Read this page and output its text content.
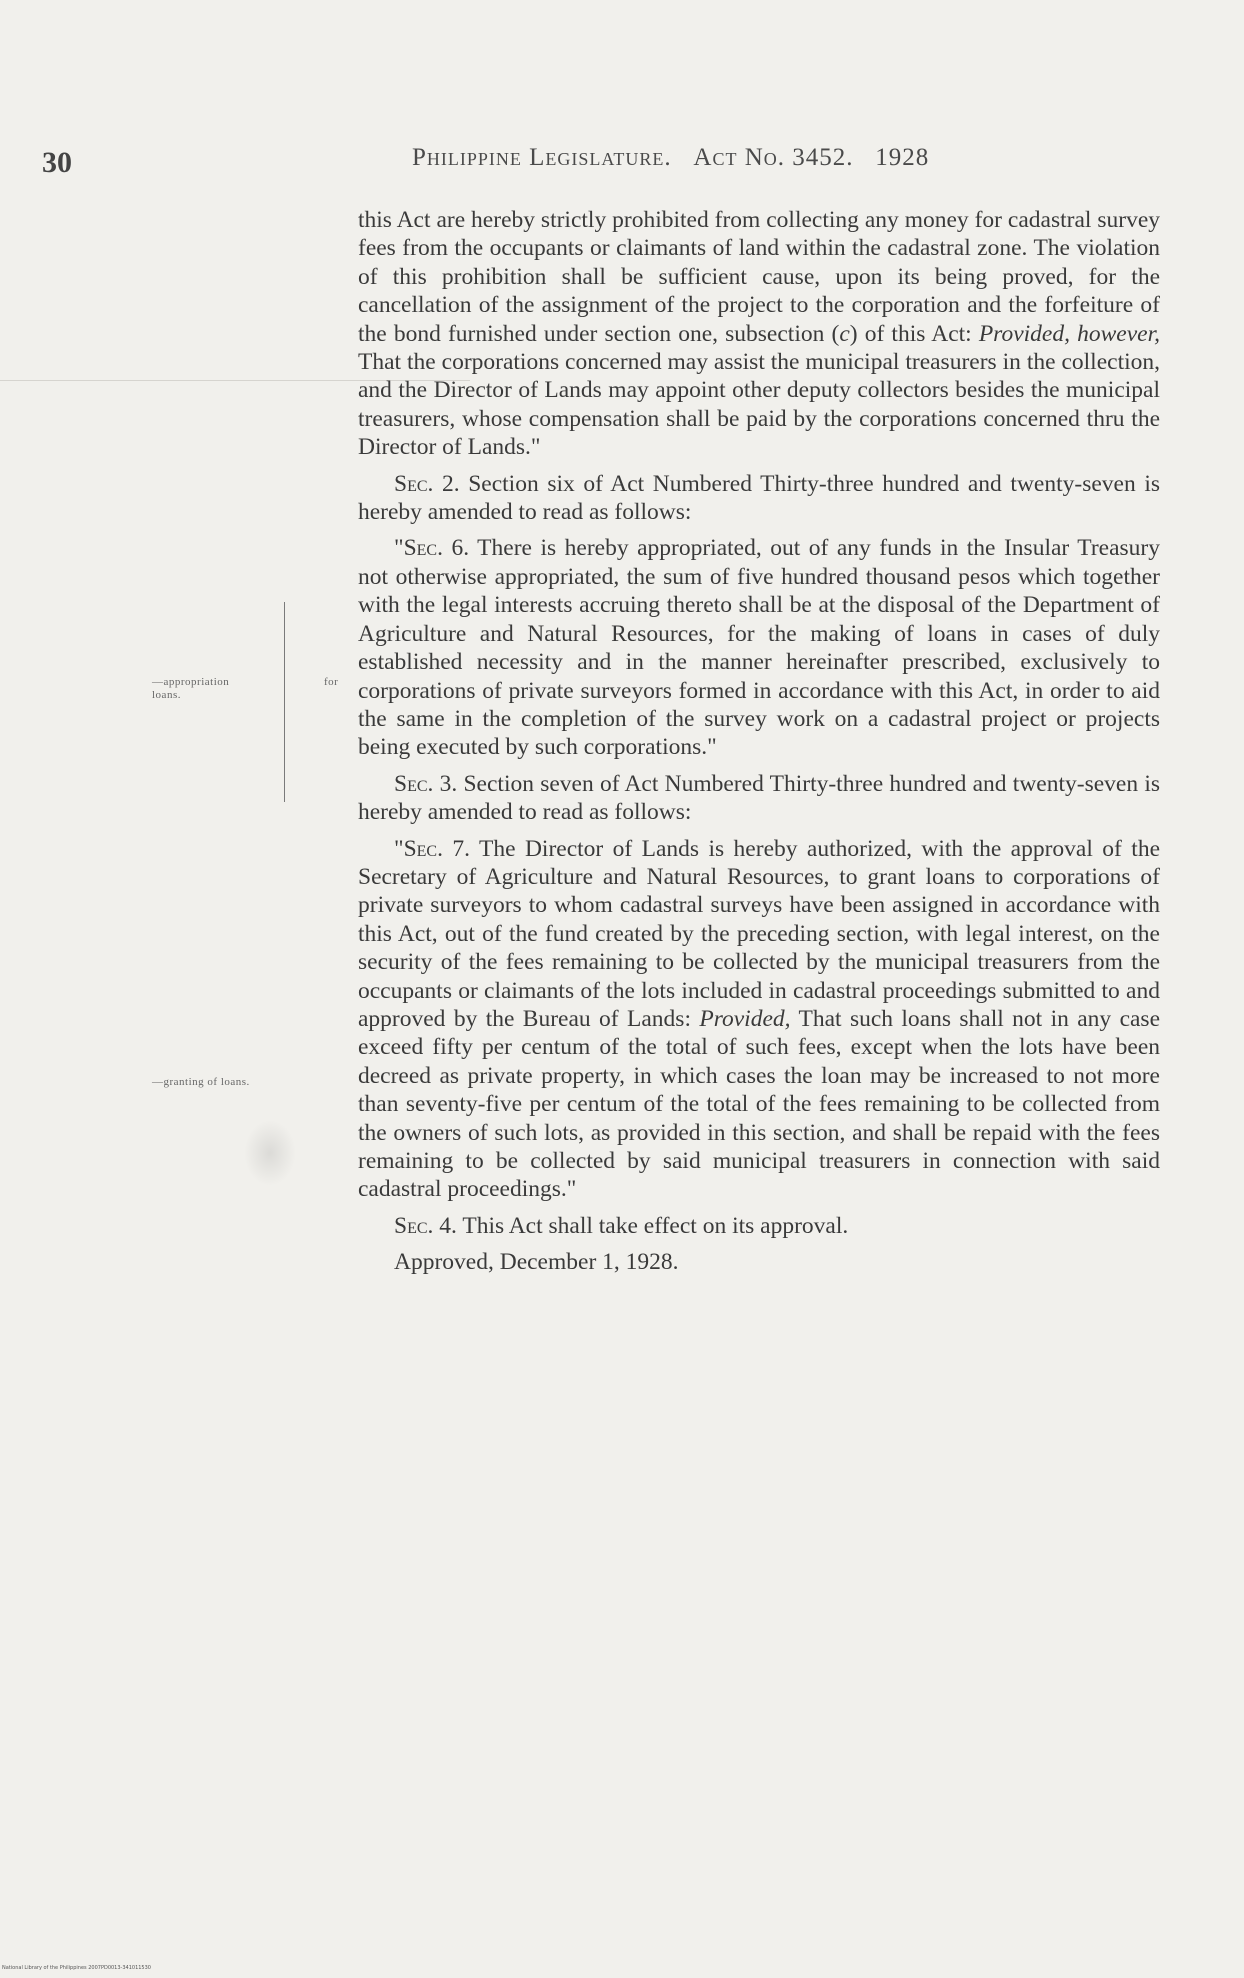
30	Philippine Legislature. Act No. 3452. 1928
—appropriation	for

loans.
—granting of loans.

this Act are hereby strictly prohibited from collecting any money for cadastral survey fees from the occupants or claimants of land within the cadastral zone. The violation of this prohibition shall be sufficient cause, upon its being proved, for the cancellation of the assignment of the project to the corporation and the forfeiture of the bond furnished under section one, subsection (c) of this Act: Provided, however, That the corporations concerned may assist the municipal treasurers in the collection, and the Director of Lands may appoint other deputy collectors besides the municipal treasurers, whose compensation shall be paid by the corporations concerned thru the Director of Lands."

Sec. 2. Section six of Act Numbered Thirty-three hundred and twenty-seven is hereby amended to read as follows:

"Sec. 6. There is hereby appropriated, out of any funds in the Insular Treasury not otherwise appropriated, the sum of five hundred thousand pesos which together with the legal interests accruing thereto shall be at the disposal of the Department of Agriculture and Natural Resources, for the making of loans in cases of duly established necessity and in the manner hereinafter prescribed, exclusively to corporations of private surveyors formed in accordance with this Act, in order to aid the same in the completion of the survey work on a cadastral project or projects being executed by such corporations."

Sec. 3. Section seven of Act Numbered Thirty-three hundred and twenty-seven is hereby amended to read as follows:

"Sec. 7. The Director of Lands is hereby authorized, with the approval of the Secretary of Agriculture and Natural Resources, to grant loans to corporations of private surveyors to whom cadastral surveys have been assigned in accordance with this Act, out of the fund created by the preceding section, with legal interest, on the security of the fees remaining to be collected by the municipal treasurers from the occupants or claimants of the lots included in cadastral proceedings submitted to and approved by the Bureau of Lands: Provided, That such loans shall not in any case exceed fifty per centum of the total of such fees, except when the lots have been decreed as private property, in which cases the loan may be increased to not more than seventy-five per centum of the total of the fees remaining to be collected from the owners of such lots, as provided in this section, and shall be repaid with the fees remaining to be collected by said municipal treasurers in connection with said cadastral proceedings."

Sec. 4. This Act shall take effect on its approval.

Approved, December 1, 1928.

National Library of the Philippines 2007PD0013-341011530
